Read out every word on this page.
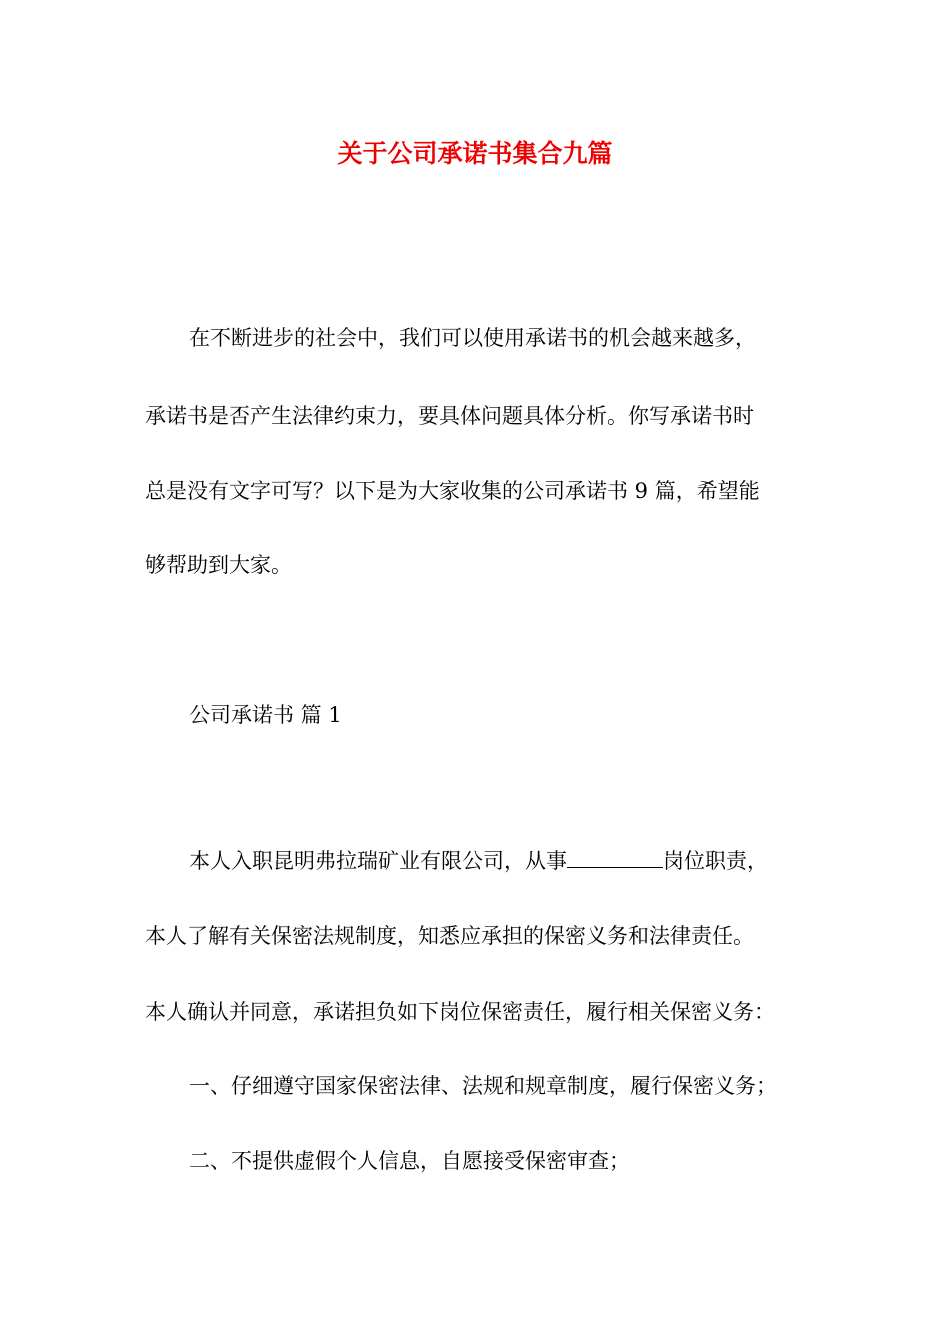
关于公司承诺书集合九篇

在不断进步的社会中，我们可以使用承诺书的机会越来越多，

承诺书是否产生法律约束力，要具体问题具体分析。你写承诺书时

总是没有文字可写？以下是为大家收集的公司承诺书 9 篇，希望能

够帮助到大家。

公司承诺书 篇 1

本人入职昆明弗拉瑞矿业有限公司，从事	岗位职责，

本人了解有关保密法规制度，知悉应承担的保密义务和法律责任。

本人确认并同意，承诺担负如下岗位保密责任，履行相关保密义务：

一、仔细遵守国家保密法律、法规和规章制度，履行保密义务；

二、不提供虚假个人信息，自愿接受保密审查；
